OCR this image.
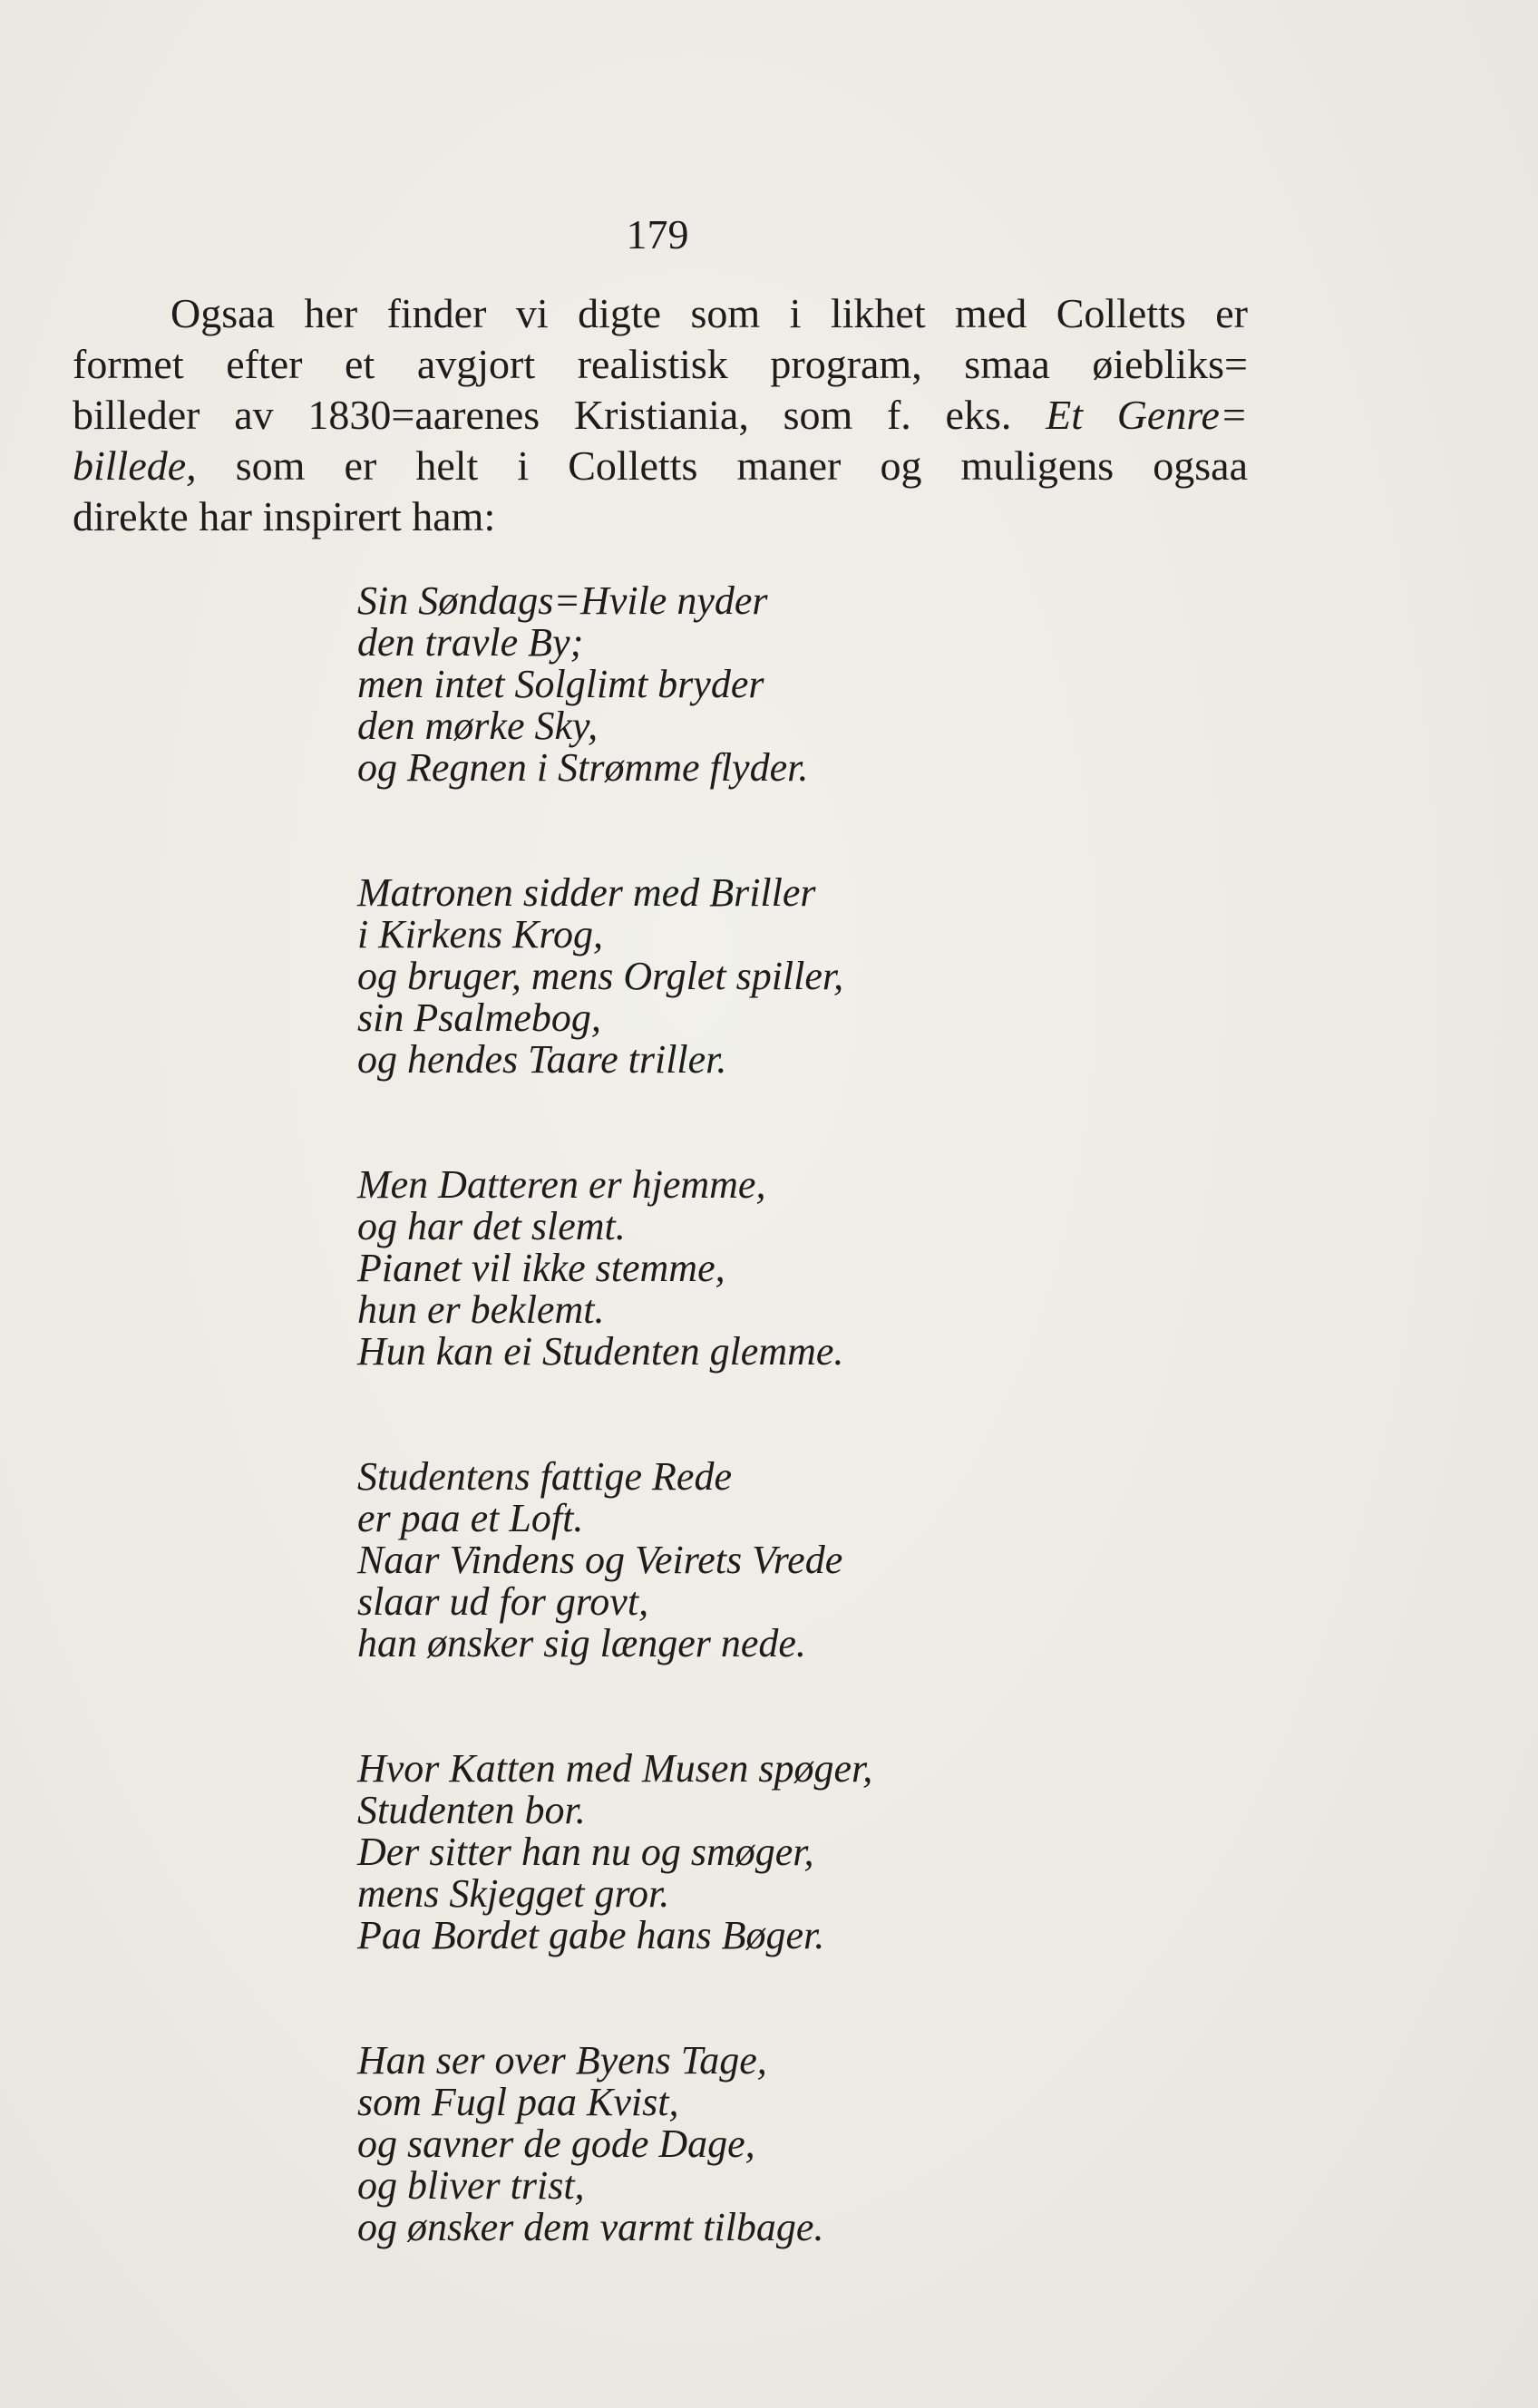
179
Ogsaa her finder vi digte som i likhet med Colletts er
formet efter et avgjort realistisk program, smaa øiebliks=
billeder av 1830=aarenes Kristiania, som f. eks. Et Genre=
billede, som er helt i Colletts maner og muligens ogsaa
direkte har inspirert ham:
Sin Søndags=Hvile nyder
den travle By;
men intet Solglimt bryder
den mørke Sky,
og Regnen i Strømme flyder.
Matronen sidder med Briller
i Kirkens Krog,
og bruger, mens Orglet spiller,
sin Psalmebog,
og hendes Taare triller.
Men Datteren er hjemme,
og har det slemt.
Pianet vil ikke stemme,
hun er beklemt.
Hun kan ei Studenten glemme.
Studentens fattige Rede
er paa et Loft.
Naar Vindens og Veirets Vrede
slaar ud for grovt,
han ønsker sig længer nede.
Hvor Katten med Musen spøger,
Studenten bor.
Der sitter han nu og smøger,
mens Skjegget gror.
Paa Bordet gabe hans Bøger.
Han ser over Byens Tage,
som Fugl paa Kvist,
og savner de gode Dage,
og bliver trist,
og ønsker dem varmt tilbage.
